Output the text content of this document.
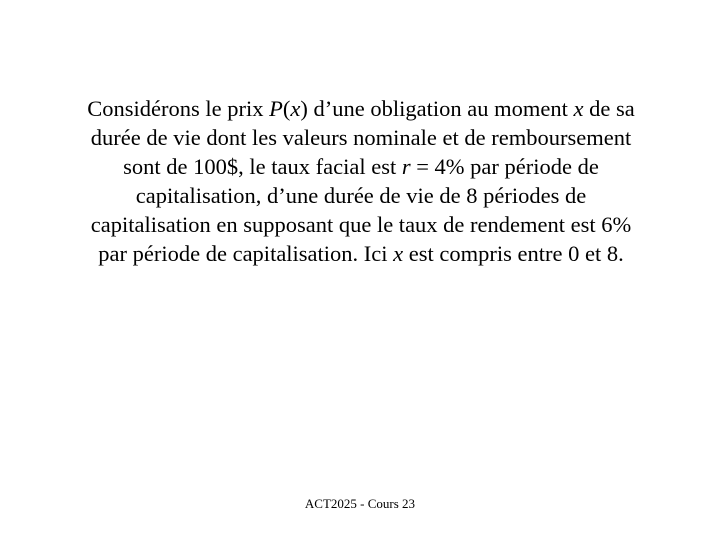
Considérons le prix P(x) d’une obligation au moment x de sa
durée de vie dont les valeurs nominale et de remboursement
sont de 100$, le taux facial est r = 4% par période de
capitalisation, d’une durée de vie de 8 périodes de
capitalisation en supposant que le taux de rendement est 6%
par période de capitalisation. Ici x est compris entre 0 et 8.
ACT2025 - Cours 23
